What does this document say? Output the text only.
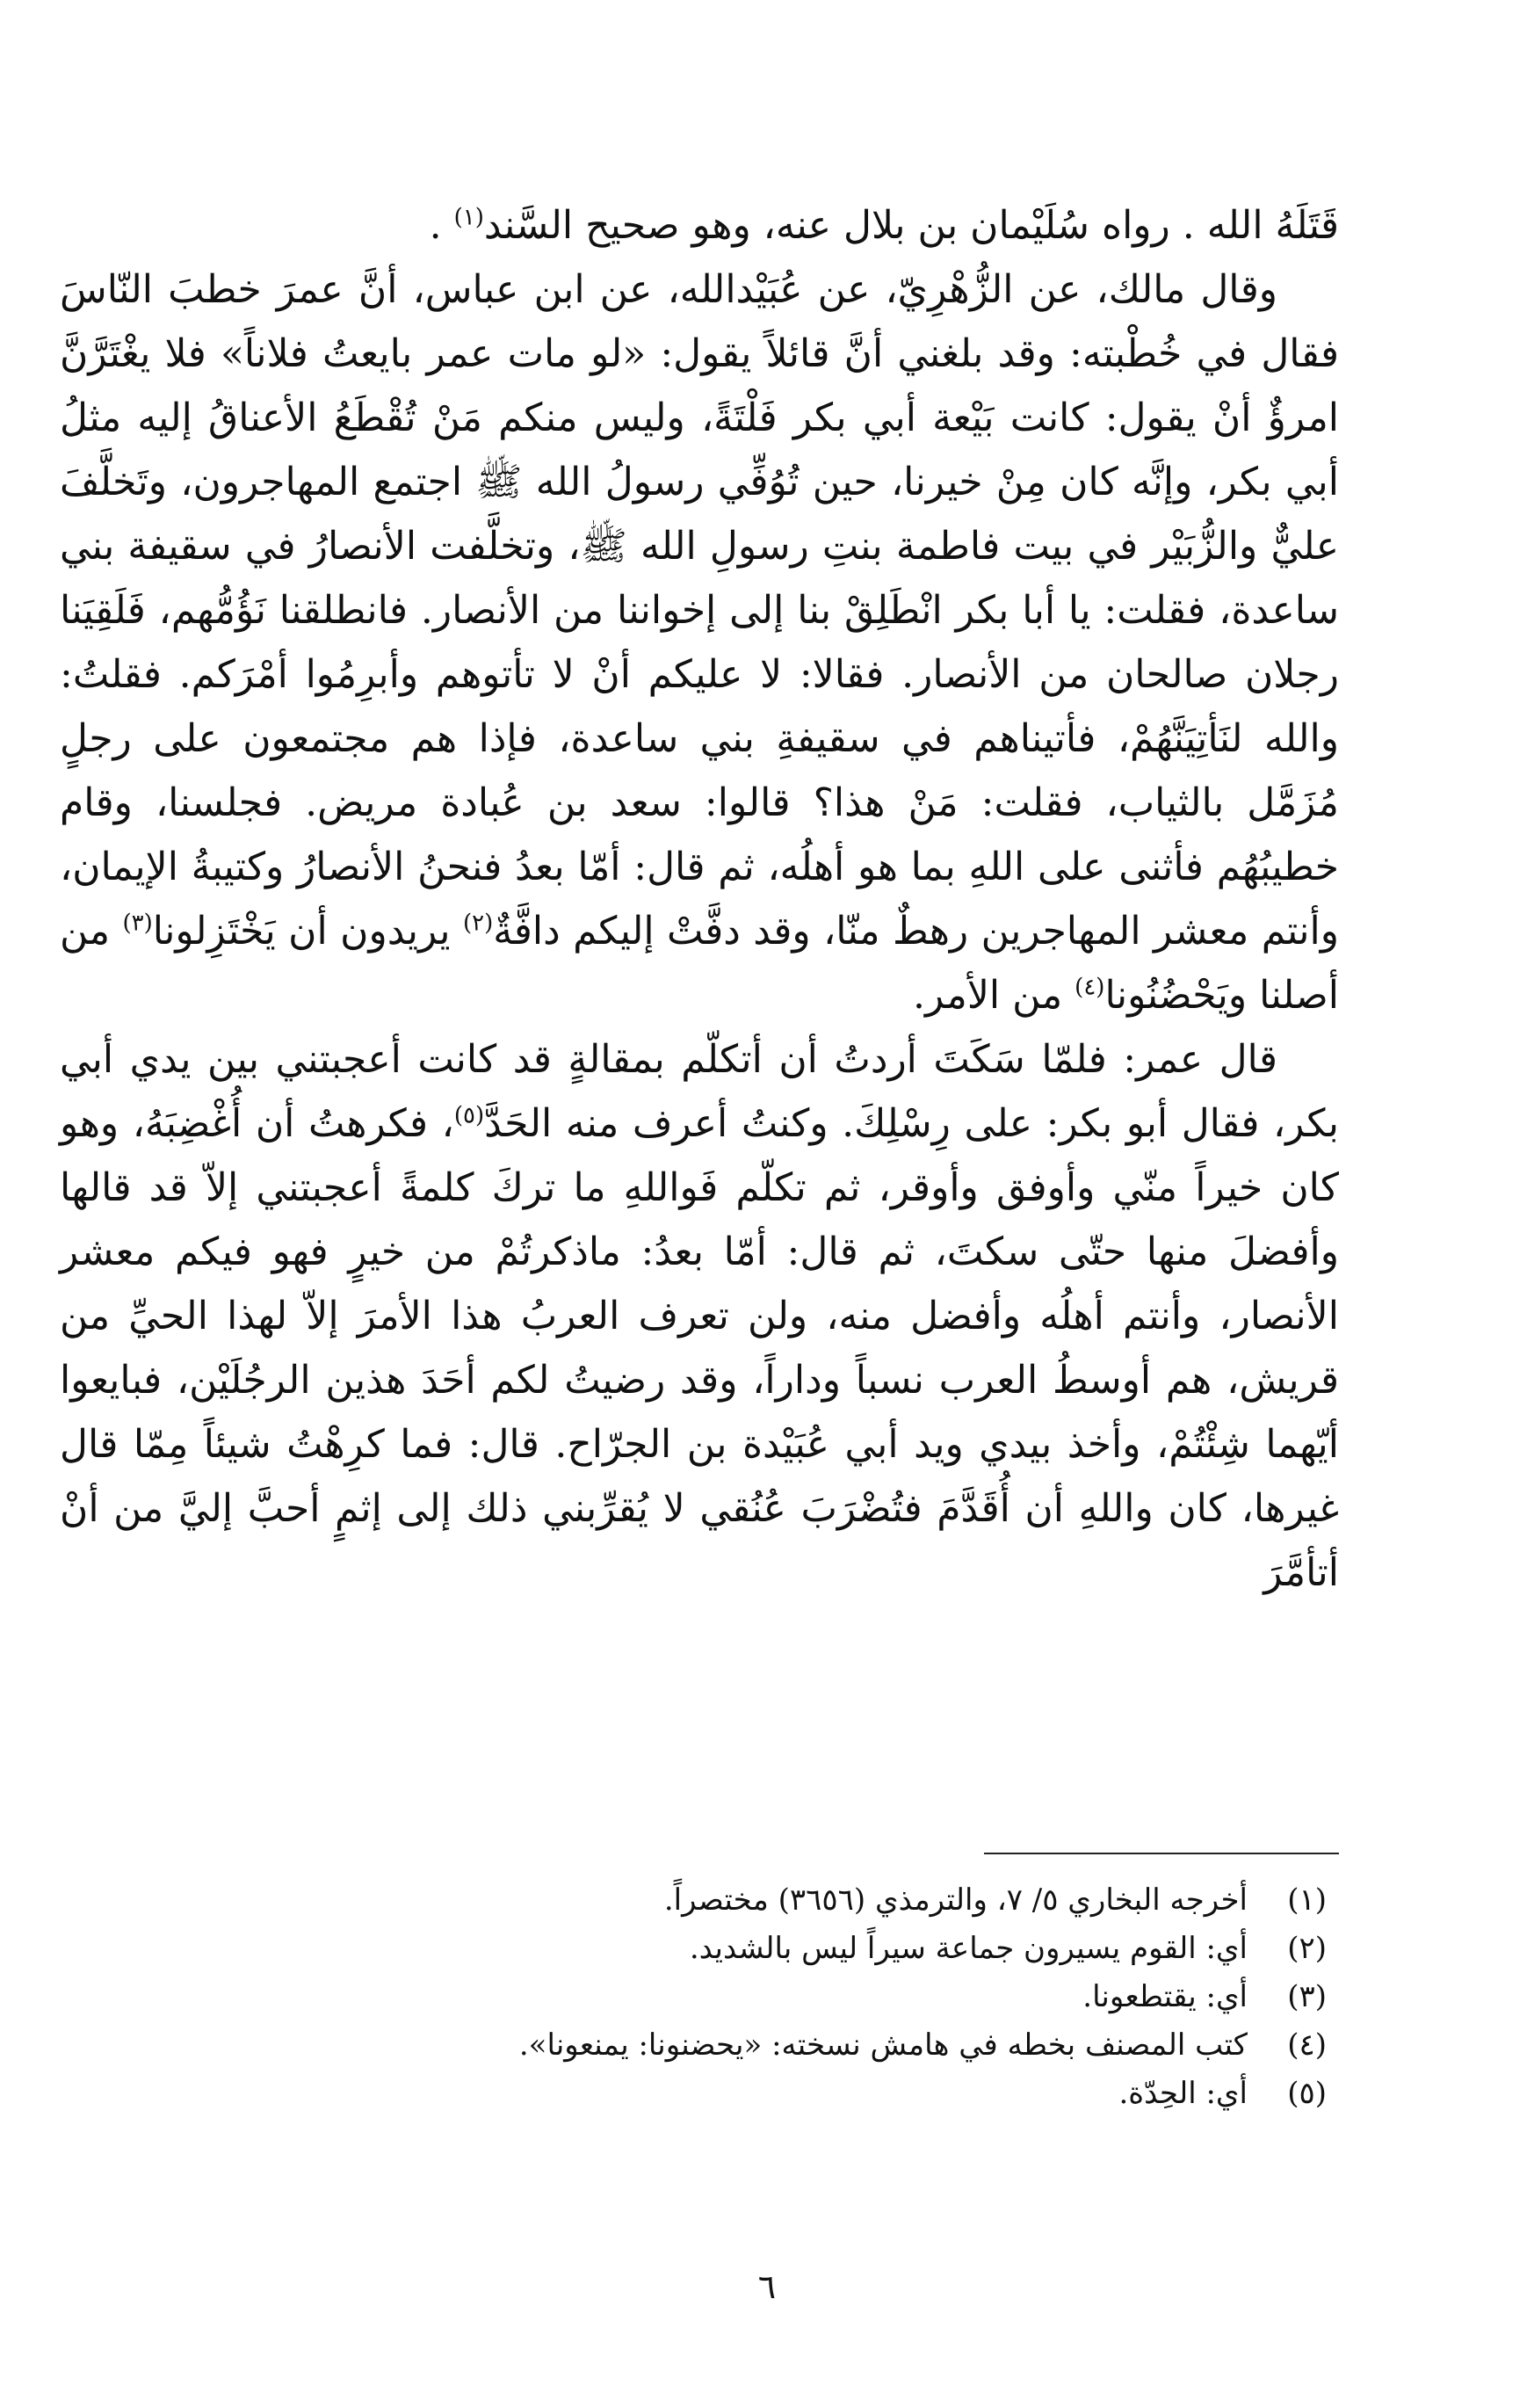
قَتَلَهُ الله . رواه سُلَيْمان بن بلال عنه، وهو صحيح السَّند$^{(١)}$ .

وقال مالك، عن الزُّهْرِيّ، عن عُبَيْدالله، عن ابن عباس، أنَّ عمرَ خطبَ النّاسَ فقال في خُطْبته: وقد بلغني أنَّ قائلاً يقول: «لو مات عمر بايعتُ فلاناً» فلا يغْتَرَّنَّ امرؤٌ أنْ يقول: كانت بَيْعة أبي بكر فَلْتَةً، وليس منكم مَنْ تُقْطَعُ الأعناقُ إليه مثلُ أبي بكر، وإنَّه كان مِنْ خيرنا، حين تُوُفِّي رسولُ الله ﷺ اجتمع المهاجرون، وتَخلَّفَ عليٌّ والزُّبَيْر في بيت فاطمة بنتِ رسولِ الله ﷺ، وتخلَّفت الأنصارُ في سقيفة بني ساعدة، فقلت: يا أبا بكر انْطَلِقْ بنا إلى إخواننا من الأنصار. فانطلقنا نَؤُمُّهم، فَلَقِيَنا رجلان صالحان من الأنصار. فقالا: لا عليكم أنْ لا تأتوهم وأبرِمُوا أمْرَكم. فقلتُ: والله لنَأتِيَنَّهُمْ، فأتيناهم في سقيفةِ بني ساعدة، فإذا هم مجتمعون على رجلٍ مُزَمَّل بالثياب، فقلت: مَنْ هذا؟ قالوا: سعد بن عُبادة مريض. فجلسنا، وقام خطيبُهُم فأثنى على اللهِ بما هو أهلُه، ثم قال: أمّا بعدُ فنحنُ الأنصارُ وكتيبةُ الإيمان، وأنتم معشر المهاجرين رهطٌ منّا، وقد دفَّتْ إليكم دافَّةٌ$^{(٢)}$ يريدون أن يَخْتَزِلونا$^{(٣)}$ من أصلنا ويَحْضُنُونا$^{(٤)}$ من الأمر.

قال عمر: فلمّا سَكَتَ أردتُ أن أتكلّم بمقالةٍ قد كانت أعجبتني بين يدي أبي بكر، فقال أبو بكر: على رِسْلِكَ. وكنتُ أعرف منه الحَدَّ$^{(٥)}$، فكرهتُ أن أُغْضِبَهُ، وهو كان خيراً منّي وأوفق وأوقر، ثم تكلّم فَواللهِ ما تركَ كلمةً أعجبتني إلاّ قد قالها وأفضلَ منها حتّى سكتَ، ثم قال: أمّا بعدُ: ماذكرتُمْ من خيرٍ فهو فيكم معشر الأنصار، وأنتم أهلُه وأفضل منه، ولن تعرف العربُ هذا الأمرَ إلاّ لهذا الحيِّ من قريش، هم أوسطُ العرب نسباً وداراً، وقد رضيتُ لكم أحَدَ هذين الرجُلَيْن، فبايعوا أيّهما شِئْتُمْ، وأخذ بيدي ويد أبي عُبَيْدة بن الجرّاح. قال: فما كرِهْتُ شيئاً مِمّا قال غيرها، كان واللهِ أن أُقَدَّمَ فتُضْرَبَ عُنُقي لا يُقرِّبني ذلك إلى إثمٍ أحبَّ إليَّ من أنْ أتأمَّرَ

(١)
أخرجه البخاري ٥/ ٧، والترمذي (٣٦٥٦) مختصراً.
(٢)
أي: القوم يسيرون جماعة سيراً ليس بالشديد.
(٣)
أي: يقتطعونا.
(٤)
كتب المصنف بخطه في هامش نسخته: «يحضنونا: يمنعونا».
(٥)
أي: الحِدّة.
٦
